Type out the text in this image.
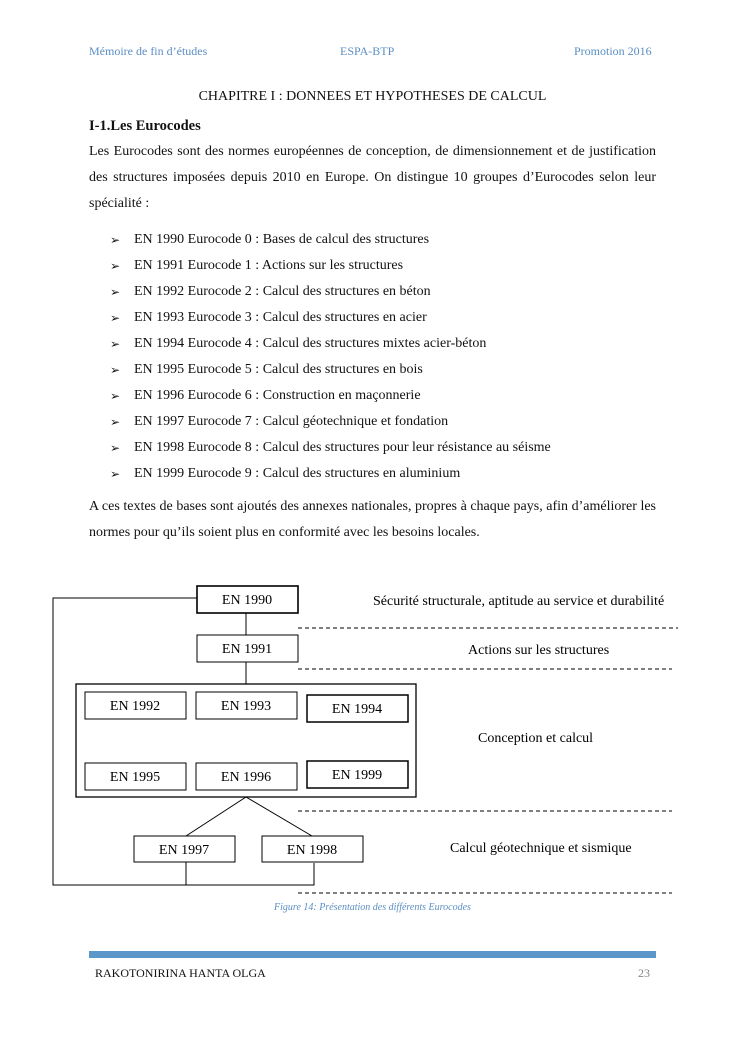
Mémoire de fin d’études	ESPA-BTP	Promotion 2016
CHAPITRE I : DONNEES ET HYPOTHESES DE CALCUL
I-1.Les Eurocodes

Les Eurocodes sont des normes européennes de conception, de dimensionnement et de justification des structures imposées depuis 2010 en Europe. On distingue 10 groupes d’Eurocodes selon leur spécialité :

➢ EN 1990 Eurocode 0 : Bases de calcul des structures
➢ EN 1991 Eurocode 1 : Actions sur les structures
➢ EN 1992 Eurocode 2 : Calcul des structures en béton
➢ EN 1993 Eurocode 3 : Calcul des structures en acier
➢ EN 1994 Eurocode 4 : Calcul des structures mixtes acier-béton
➢ EN 1995 Eurocode 5 : Calcul des structures en bois
➢ EN 1996 Eurocode 6 : Construction en maçonnerie
➢ EN 1997 Eurocode 7 : Calcul géotechnique et fondation
➢ EN 1998 Eurocode 8 : Calcul des structures pour leur résistance au séisme
➢ EN 1999 Eurocode 9 : Calcul des structures en aluminium

A ces textes de bases sont ajoutés des annexes nationales, propres à chaque pays, afin d’améliorer les normes pour qu’ils soient plus en conformité avec les besoins locales.

EN 1990
EN 1991
EN 1992	EN 1993	EN 1994
EN 1995	EN 1996	EN 1999
EN 1997	EN 1998
Sécurité structurale, aptitude au service et durabilité
Actions sur les structures
Conception et calcul
Calcul géotechnique et sismique
Figure 14: Présentation des différents Eurocodes
RAKOTONIRINA HANTA OLGA	23
